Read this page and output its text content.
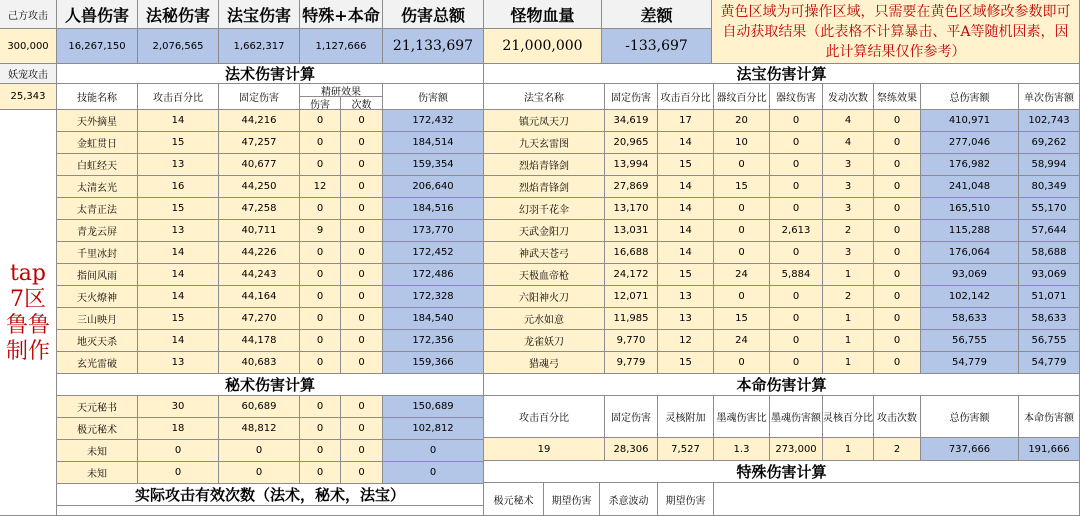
己方攻击
300,000
妖宠攻击
25,343
tap
7区
鲁鲁
制作
人兽伤害	法秘伤害	法宝伤害 特殊+本命	伤害总额	怪物血量	差额
16,267,150	2,076,565	1,662,317	1,127,666	21,133,697	21,000,000	-133,697
黄色区域为可操作区域，只需要在黄色区域修改参数即可自动获取结果（此表格不计算暴击、平A等随机因素，因此计算结果仅作参考）
法术伤害计算
技能名称	攻击百分比	固定伤害
精研效果
伤害	次数
伤害额
天外摘星	14	44,216	0	0	172,432
金虹贯日	15	47,257	0	0	184,514
白虹经天	13	40,677	0	0	159,354
太清玄光	16	44,250	12	0	206,640
太青正法	15	47,258	0	0	184,516
青龙云屏	13	40,711	9	0	173,770
千里冰封	14	44,226	0	0	172,452
指间风雨	14	44,243	0	0	172,486
天火燎神	14	44,164	0	0	172,328
三山映月	15	47,270	0	0	184,540
地灭天杀	14	44,178	0	0	172,356
玄光雷破	13	40,683	0	0	159,366
秘术伤害计算
天元秘书	30	60,689	0	0	150,689
极元秘术	18	48,812	0	0	102,812
未知	0	0	0	0	0
未知	0	0	0	0	0
实际攻击有效次数（法术，秘术，法宝）
法宝伤害计算
法宝名称	固定伤害 攻击百分比 器纹百分比 器纹伤害	发动次数 祭练效果	总伤害额	单次伤害额
镇元凤天刀	34,619	17	20	0	4	0	410,971	102,743
九天玄雷图	20,965	14	10	0	4	0	277,046	69,262
烈焰青锋剑	13,994	15	0	0	3	0	176,982	58,994
烈焰青锋剑	27,869	14	15	0	3	0	241,048	80,349
幻羽千花伞	13,170	14	0	0	3	0	165,510	55,170
天武金阳刀	13,031	14	0	2,613	2	0	115,288	57,644
神武天苍弓	16,688	14	0	0	3	0	176,064	58,688
天极血帝枪	24,172	15	24	5,884	1	0	93,069	93,069
六阳神火刀	12,071	13	0	0	2	0	102,142	51,071
元水如意	11,985	13	15	0	1	0	58,633	58,633
龙雀妖刀	9,770	12	24	0	1	0	56,755	56,755
猎魂弓	9,779	15	0	0	1	0	54,779	54,779
本命伤害计算
攻击百分比	固定伤害	灵核附加	墨魂伤害比 墨魂伤害额 灵核百分比 攻击次数	总伤害额	本命伤害额
19	28,306	7,527	1.3	273,000	1	2	737,666	191,666
特殊伤害计算
极元秘术	期望伤害	杀意波动	期望伤害
